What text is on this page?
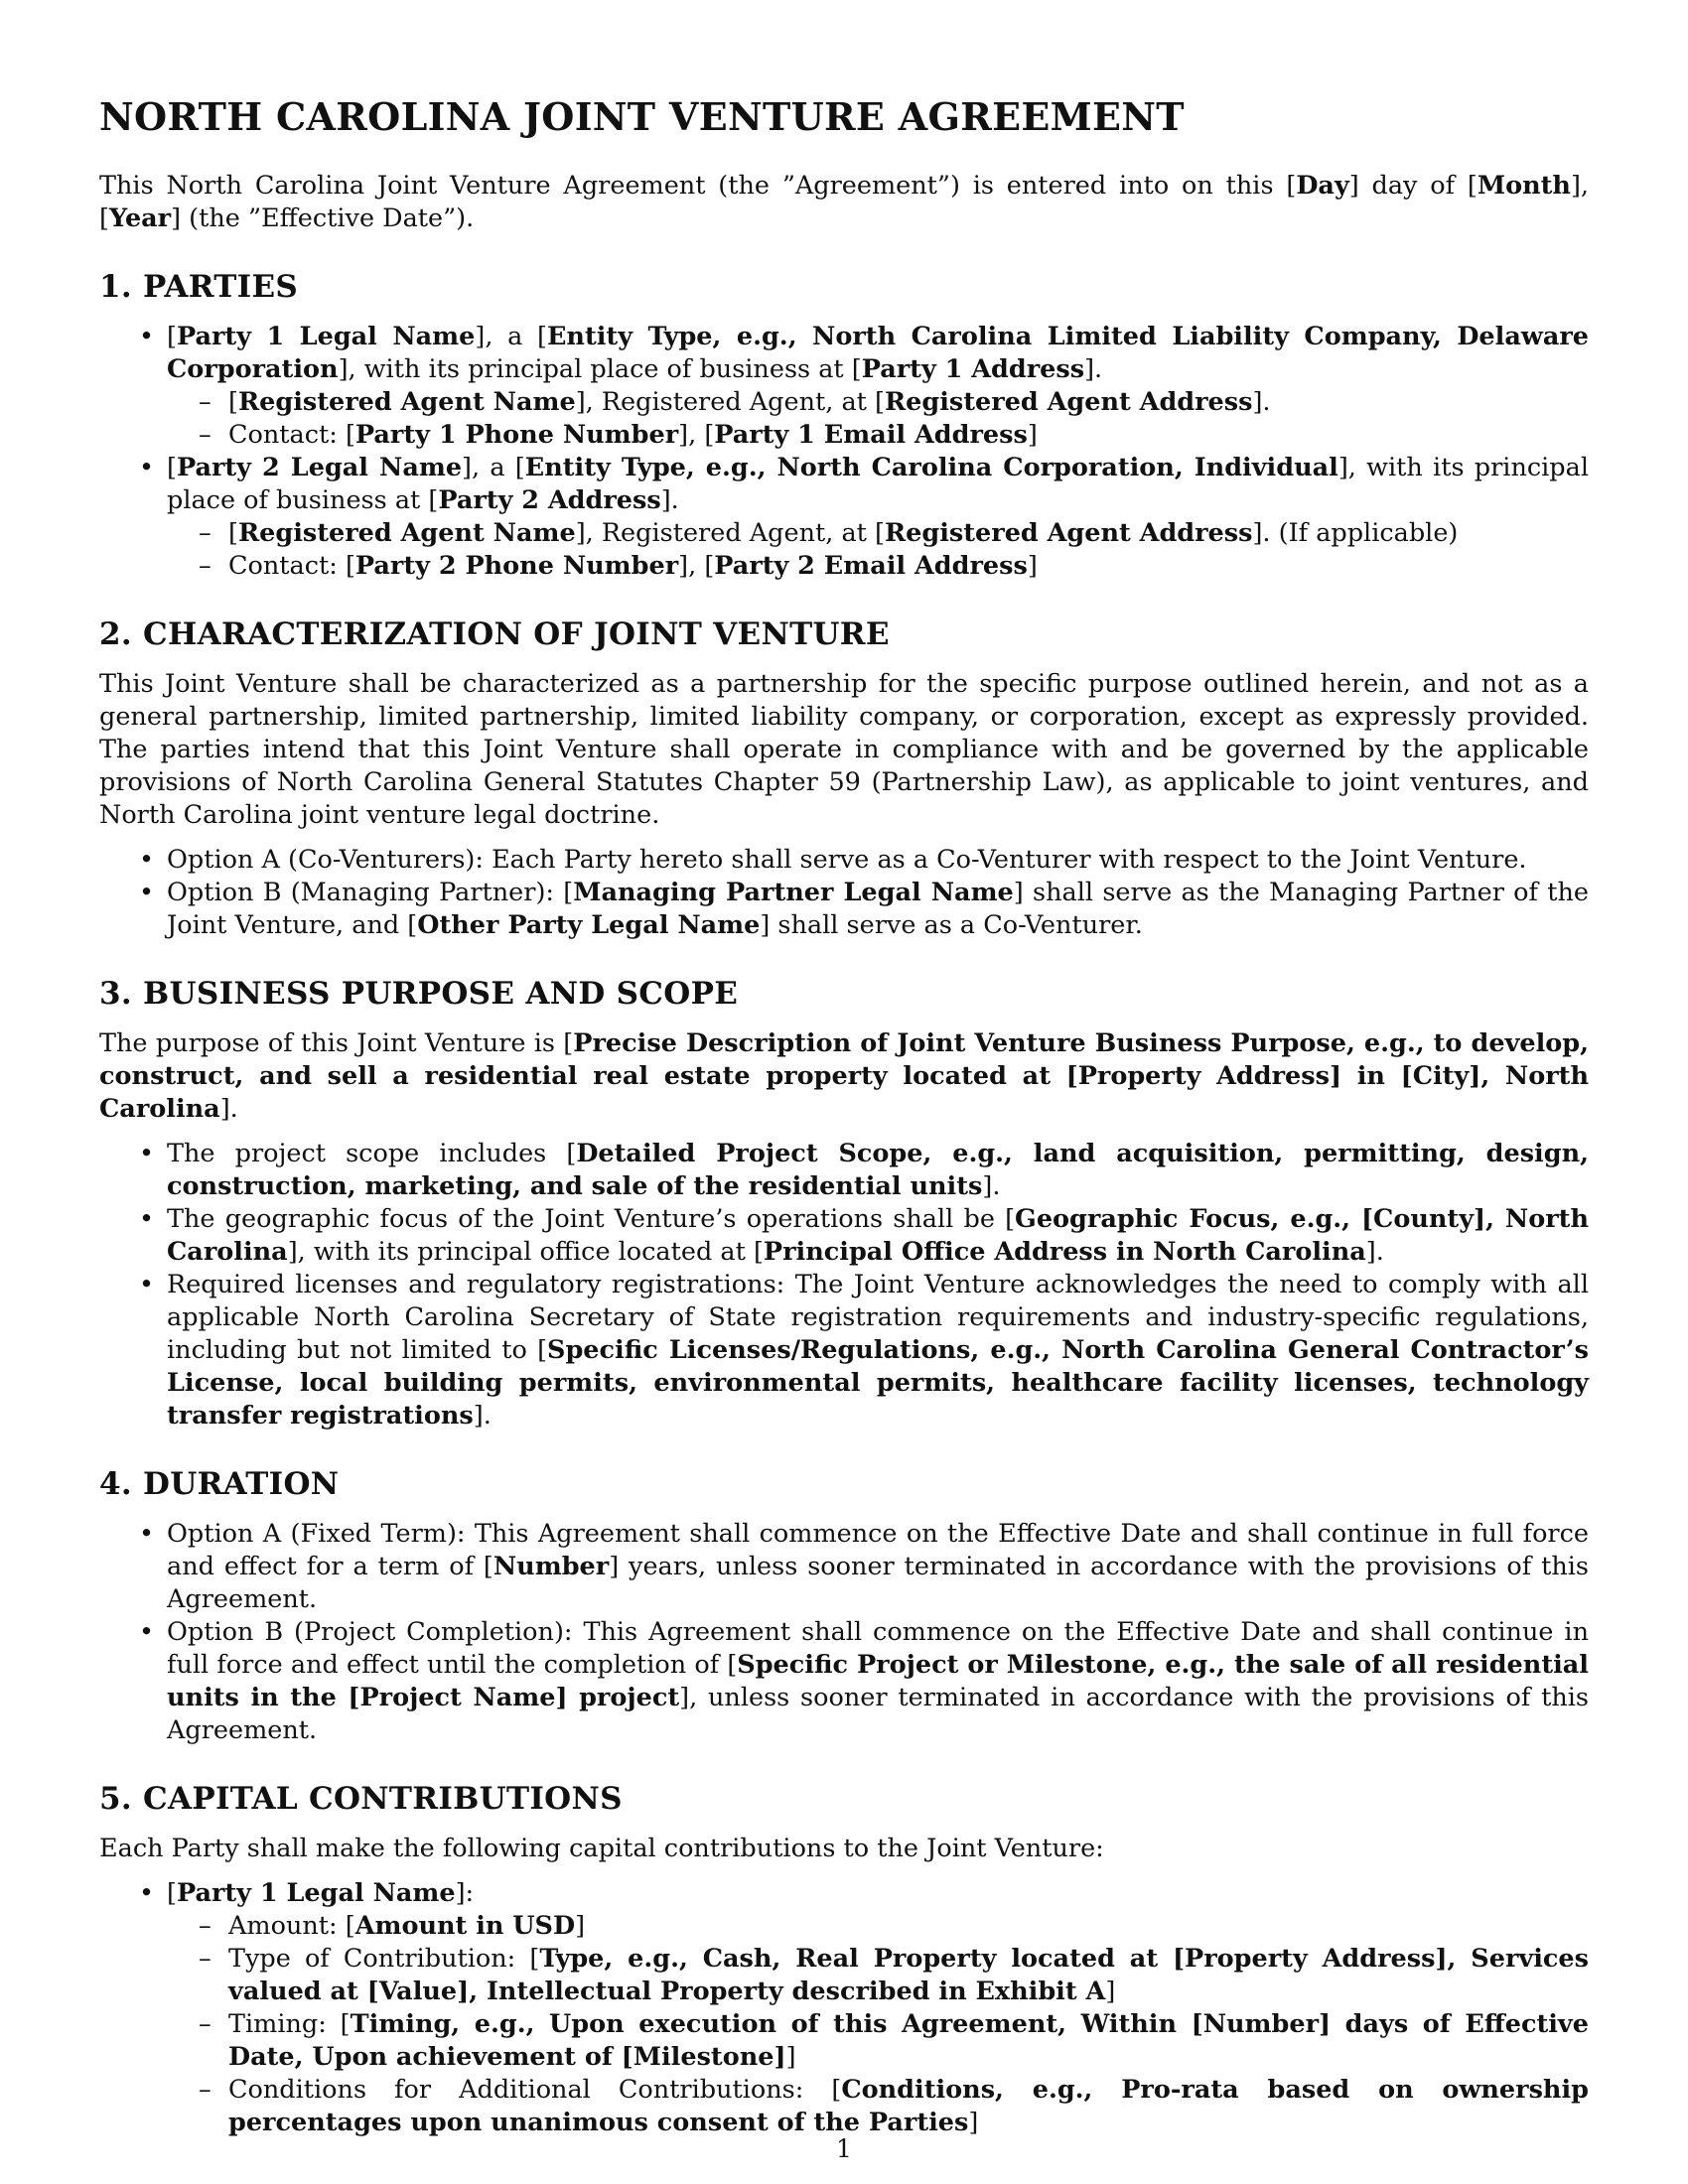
NORTH CAROLINA JOINT VENTURE AGREEMENT

This North Carolina Joint Venture Agreement (the ”Agreement”) is entered into on this [Day] day of [Month], [Year] (the ”Effective Date”).

1. PARTIES
• [Party 1 Legal Name], a [Entity Type, e.g., North Carolina Limited Liability Company, Delaware Corporation], with its principal place of business at [Party 1 Address].
– [Registered Agent Name], Registered Agent, at [Registered Agent Address].
– Contact: [Party 1 Phone Number], [Party 1 Email Address]
• [Party 2 Legal Name], a [Entity Type, e.g., North Carolina Corporation, Individual], with its principal place of business at [Party 2 Address].
– [Registered Agent Name], Registered Agent, at [Registered Agent Address]. (If applicable)
– Contact: [Party 2 Phone Number], [Party 2 Email Address]
2. CHARACTERIZATION OF JOINT VENTURE

This Joint Venture shall be characterized as a partnership for the specific purpose outlined herein, and not as a general partnership, limited partnership, limited liability company, or corporation, except as expressly provided. The parties intend that this Joint Venture shall operate in compliance with and be governed by the applicable provisions of North Carolina General Statutes Chapter 59 (Partnership Law), as applicable to joint ventures, and North Carolina joint venture legal doctrine.

• Option A (Co-Venturers): Each Party hereto shall serve as a Co-Venturer with respect to the Joint Venture.
• Option B (Managing Partner): [Managing Partner Legal Name] shall serve as the Managing Partner of the Joint Venture, and [Other Party Legal Name] shall serve as a Co-Venturer.
3. BUSINESS PURPOSE AND SCOPE

The purpose of this Joint Venture is [Precise Description of Joint Venture Business Purpose, e.g., to develop, construct, and sell a residential real estate property located at [Property Address] in [City], North Carolina].

• The project scope includes [Detailed Project Scope, e.g., land acquisition, permitting, design, construction, marketing, and sale of the residential units].
• The geographic focus of the Joint Venture’s operations shall be [Geographic Focus, e.g., [County], North Carolina], with its principal office located at [Principal Office Address in North Carolina].
• Required licenses and regulatory registrations: The Joint Venture acknowledges the need to comply with all applicable North Carolina Secretary of State registration requirements and industry-specific regulations, including but not limited to [Specific Licenses/Regulations, e.g., North Carolina General Contractor’s License, local building permits, environmental permits, healthcare facility licenses, technology transfer registrations].
4. DURATION
• Option A (Fixed Term): This Agreement shall commence on the Effective Date and shall continue in full force and effect for a term of [Number] years, unless sooner terminated in accordance with the provisions of this Agreement.
• Option B (Project Completion): This Agreement shall commence on the Effective Date and shall continue in full force and effect until the completion of [Specific Project or Milestone, e.g., the sale of all residential units in the [Project Name] project], unless sooner terminated in accordance with the provisions of this Agreement.
5. CAPITAL CONTRIBUTIONS

Each Party shall make the following capital contributions to the Joint Venture:

• [Party 1 Legal Name]:
– Amount: [Amount in USD]
– Type of Contribution: [Type, e.g., Cash, Real Property located at [Property Address], Services valued at [Value], Intellectual Property described in Exhibit A]
– Timing: [Timing, e.g., Upon execution of this Agreement, Within [Number] days of Effective Date, Upon achievement of [Milestone]]
– Conditions for Additional Contributions: [Conditions, e.g., Pro-rata based on ownership percentages upon unanimous consent of the Parties]
1
